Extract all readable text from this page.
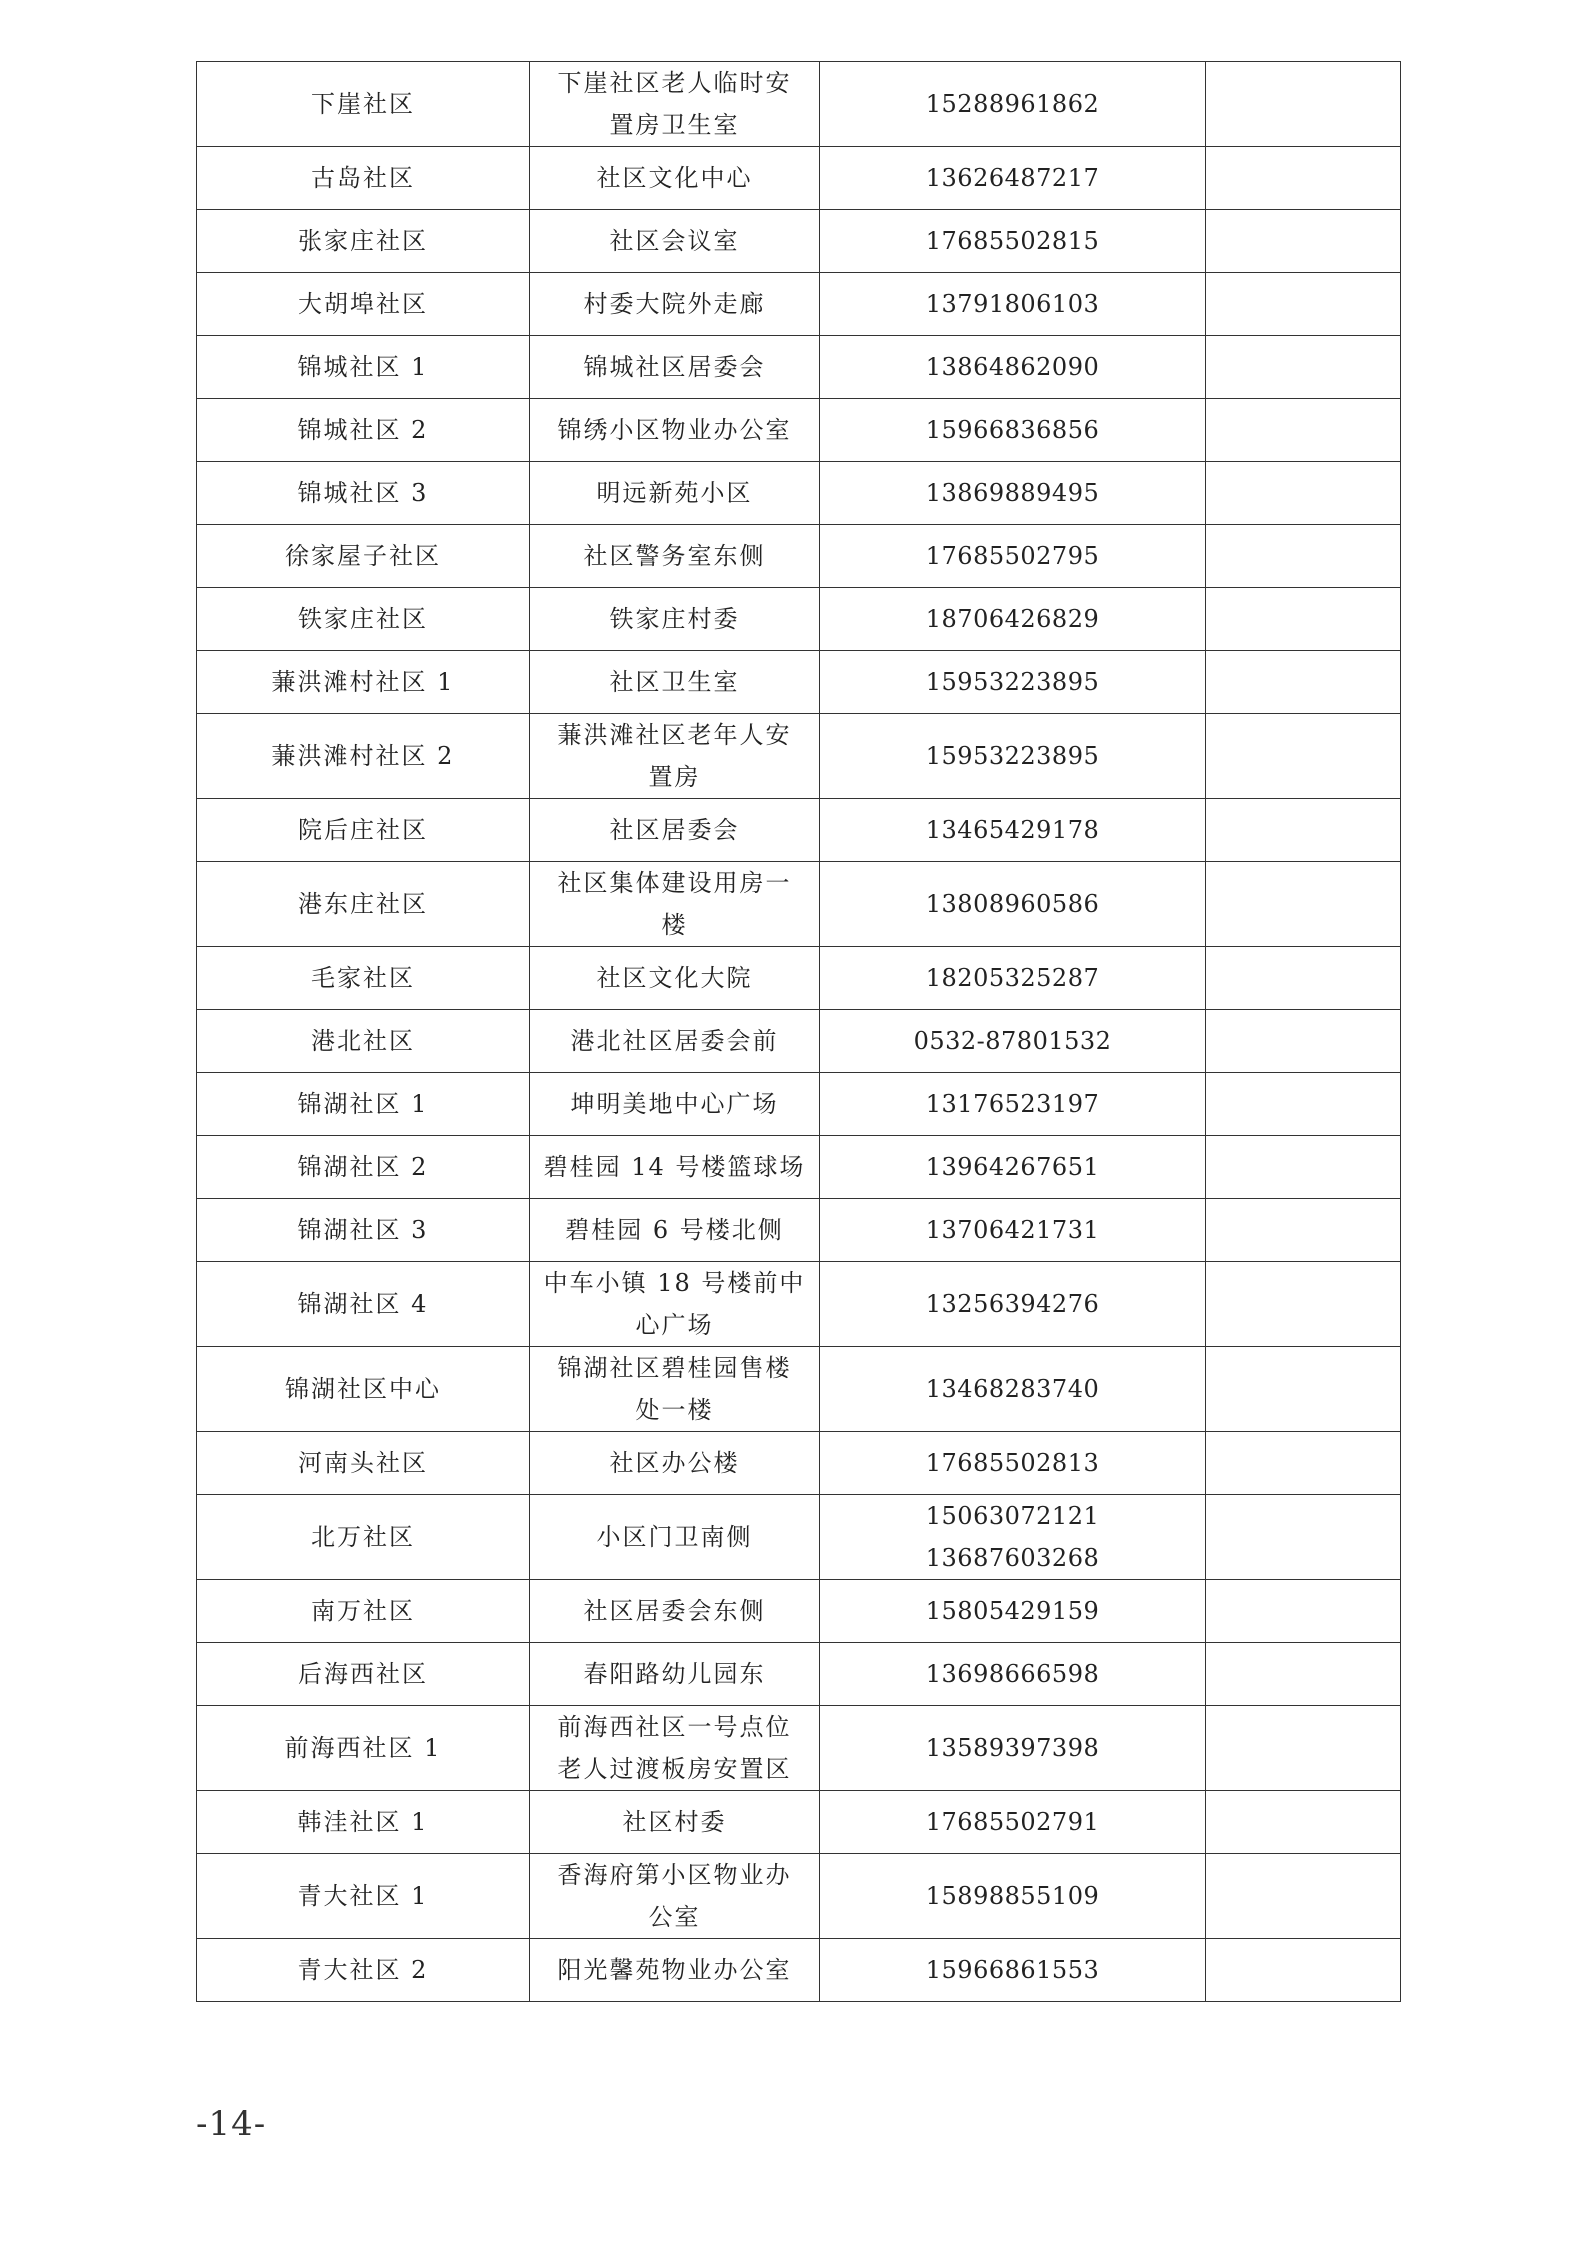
下崖社区	下崖社区老人临时安
置房卫生室	15288961862	

古岛社区	社区文化中心	13626487217	

张家庄社区	社区会议室	17685502815	

大胡埠社区	村委大院外走廊	13791806103	

锦城社区 1	锦城社区居委会	13864862090	

锦城社区 2	锦绣小区物业办公室	15966836856	

锦城社区 3	明远新苑小区	13869889495	

徐家屋子社区	社区警务室东侧	17685502795	

铁家庄社区	铁家庄村委	18706426829	

蒹洪滩村社区 1	社区卫生室	15953223895	

蒹洪滩村社区 2	蒹洪滩社区老年人安
置房	15953223895	

院后庄社区	社区居委会	13465429178	

港东庄社区	社区集体建设用房一
楼	13808960586	

毛家社区	社区文化大院	18205325287	

港北社区	港北社区居委会前	0532-87801532	

锦湖社区 1	坤明美地中心广场	13176523197	

锦湖社区 2	碧桂园 14 号楼篮球场	13964267651	

锦湖社区 3	碧桂园 6 号楼北侧	13706421731	

锦湖社区 4	中车小镇 18 号楼前中
心广场	13256394276	

锦湖社区中心	锦湖社区碧桂园售楼
处一楼	13468283740	

河南头社区	社区办公楼	17685502813	

北万社区	小区门卫南侧	15063072121
13687603268	

南万社区	社区居委会东侧	15805429159	

后海西社区	春阳路幼儿园东	13698666598	

前海西社区 1	前海西社区一号点位
老人过渡板房安置区	13589397398	

韩洼社区 1	社区村委	17685502791	

青大社区 1	香海府第小区物业办
公室	15898855109	

青大社区 2	阳光馨苑物业办公室	15966861553	

-14-
